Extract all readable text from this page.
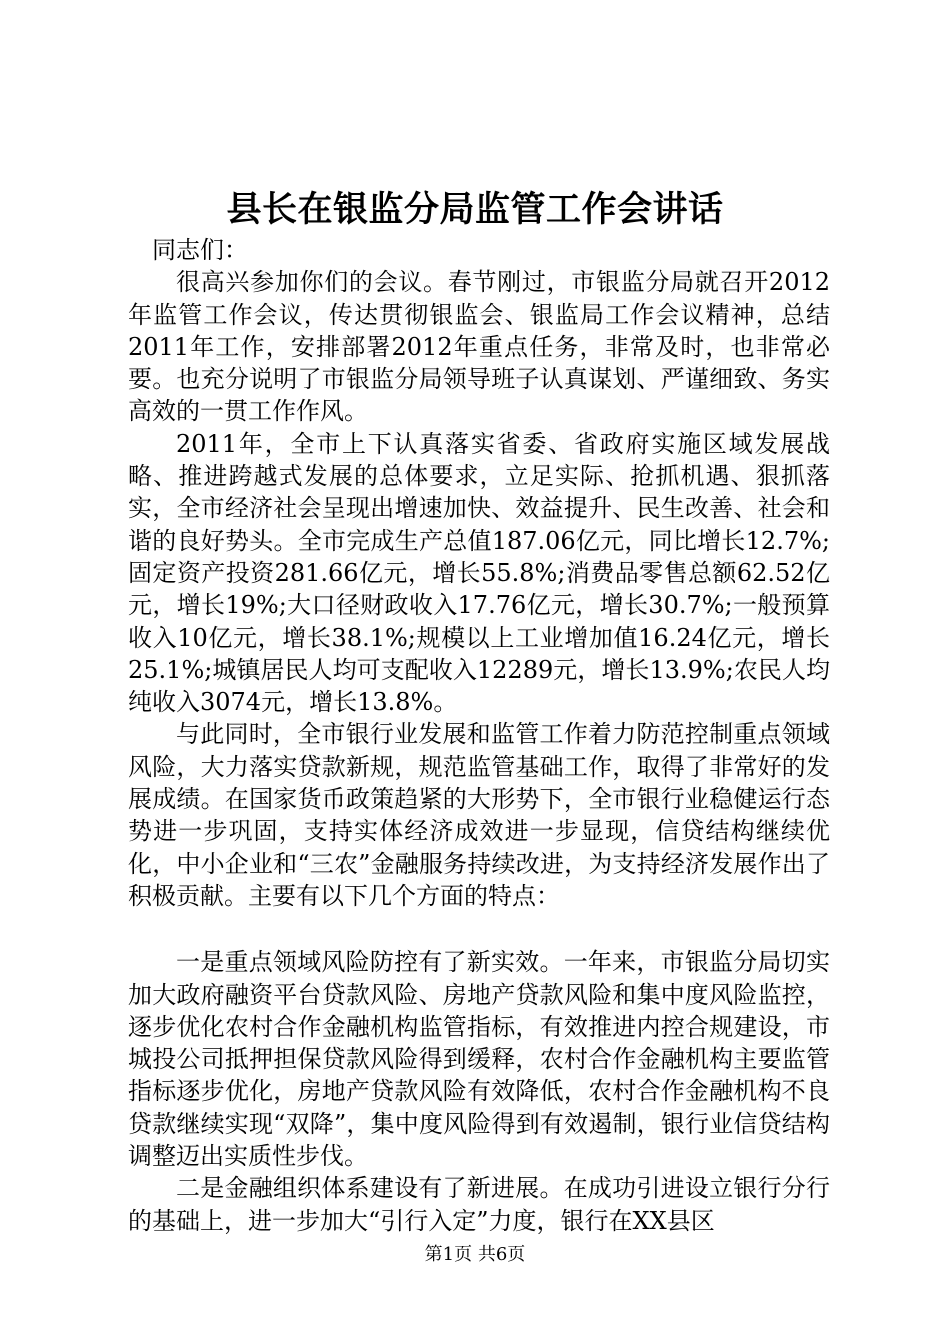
县长在银监分局监管工作会讲话

同志们：

很高兴参加你们的会议。春节刚过，市银监分局就召开2012年监管工作会议，传达贯彻银监会、银监局工作会议精神，总结2011年工作，安排部署2012年重点任务，非常及时，也非常必要。也充分说明了市银监分局领导班子认真谋划、严谨细致、务实高效的一贯工作作风。

2011年，全市上下认真落实省委、省政府实施区域发展战略、推进跨越式发展的总体要求，立足实际、抢抓机遇、狠抓落实，全市经济社会呈现出增速加快、效益提升、民生改善、社会和谐的良好势头。全市完成生产总值187.06亿元，同比增长12.7%;固定资产投资281.66亿元，增长55.8%;消费品零售总额62.52亿元，增长19%;大口径财政收入17.76亿元，增长30.7%;一般预算收入10亿元，增长38.1%;规模以上工业增加值16.24亿元，增长25.1%;城镇居民人均可支配收入12289元，增长13.9%;农民人均纯收入3074元，增长13.8%。

与此同时，全市银行业发展和监管工作着力防范控制重点领域风险，大力落实贷款新规，规范监管基础工作，取得了非常好的发展成绩。在国家货币政策趋紧的大形势下，全市银行业稳健运行态势进一步巩固，支持实体经济成效进一步显现，信贷结构继续优化，中小企业和“三农”金融服务持续改进，为支持经济发展作出了积极贡献。主要有以下几个方面的特点：

一是重点领域风险防控有了新实效。一年来，市银监分局切实加大政府融资平台贷款风险、房地产贷款风险和集中度风险监控，逐步优化农村合作金融机构监管指标，有效推进内控合规建设，市城投公司抵押担保贷款风险得到缓释，农村合作金融机构主要监管指标逐步优化，房地产贷款风险有效降低，农村合作金融机构不良贷款继续实现“双降”，集中度风险得到有效遏制，银行业信贷结构调整迈出实质性步伐。

二是金融组织体系建设有了新进展。在成功引进设立银行分行的基础上，进一步加大“引行入定”力度，银行在XX县区

第1页 共6页
